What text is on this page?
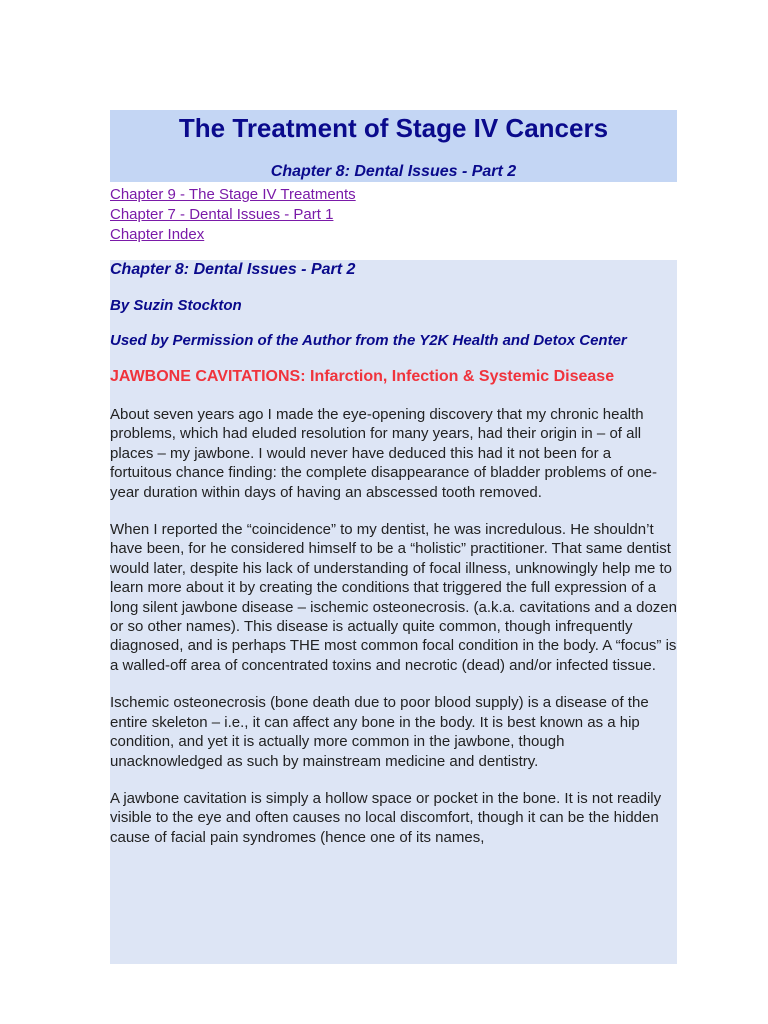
The Treatment of Stage IV Cancers
Chapter 8: Dental Issues - Part 2
Chapter 9 - The Stage IV Treatments
Chapter 7 - Dental Issues - Part 1
Chapter Index
Chapter 8: Dental Issues - Part 2
By Suzin Stockton
Used by Permission of the Author from the Y2K Health and Detox Center
JAWBONE CAVITATIONS: Infarction, Infection & Systemic Disease

About seven years ago I made the eye-opening discovery that my chronic health problems, which had eluded resolution for many years, had their origin in – of all places – my jawbone. I would never have deduced this had it not been for a fortuitous chance finding: the complete disappearance of bladder problems of one-year duration within days of having an abscessed tooth removed.

When I reported the “coincidence” to my dentist, he was incredulous. He shouldn’t have been, for he considered himself to be a “holistic” practitioner. That same dentist would later, despite his lack of understanding of focal illness, unknowingly help me to learn more about it by creating the conditions that triggered the full expression of a long silent jawbone disease – ischemic osteonecrosis. (a.k.a. cavitations and a dozen or so other names). This disease is actually quite common, though infrequently diagnosed, and is perhaps THE most common focal condition in the body. A “focus” is a walled-off area of concentrated toxins and necrotic (dead) and/or infected tissue.

Ischemic osteonecrosis (bone death due to poor blood supply) is a disease of the entire skeleton – i.e., it can affect any bone in the body. It is best known as a hip condition, and yet it is actually more common in the jawbone, though unacknowledged as such by mainstream medicine and dentistry.

A jawbone cavitation is simply a hollow space or pocket in the bone. It is not readily visible to the eye and often causes no local discomfort, though it can be the hidden cause of facial pain syndromes (hence one of its names,
